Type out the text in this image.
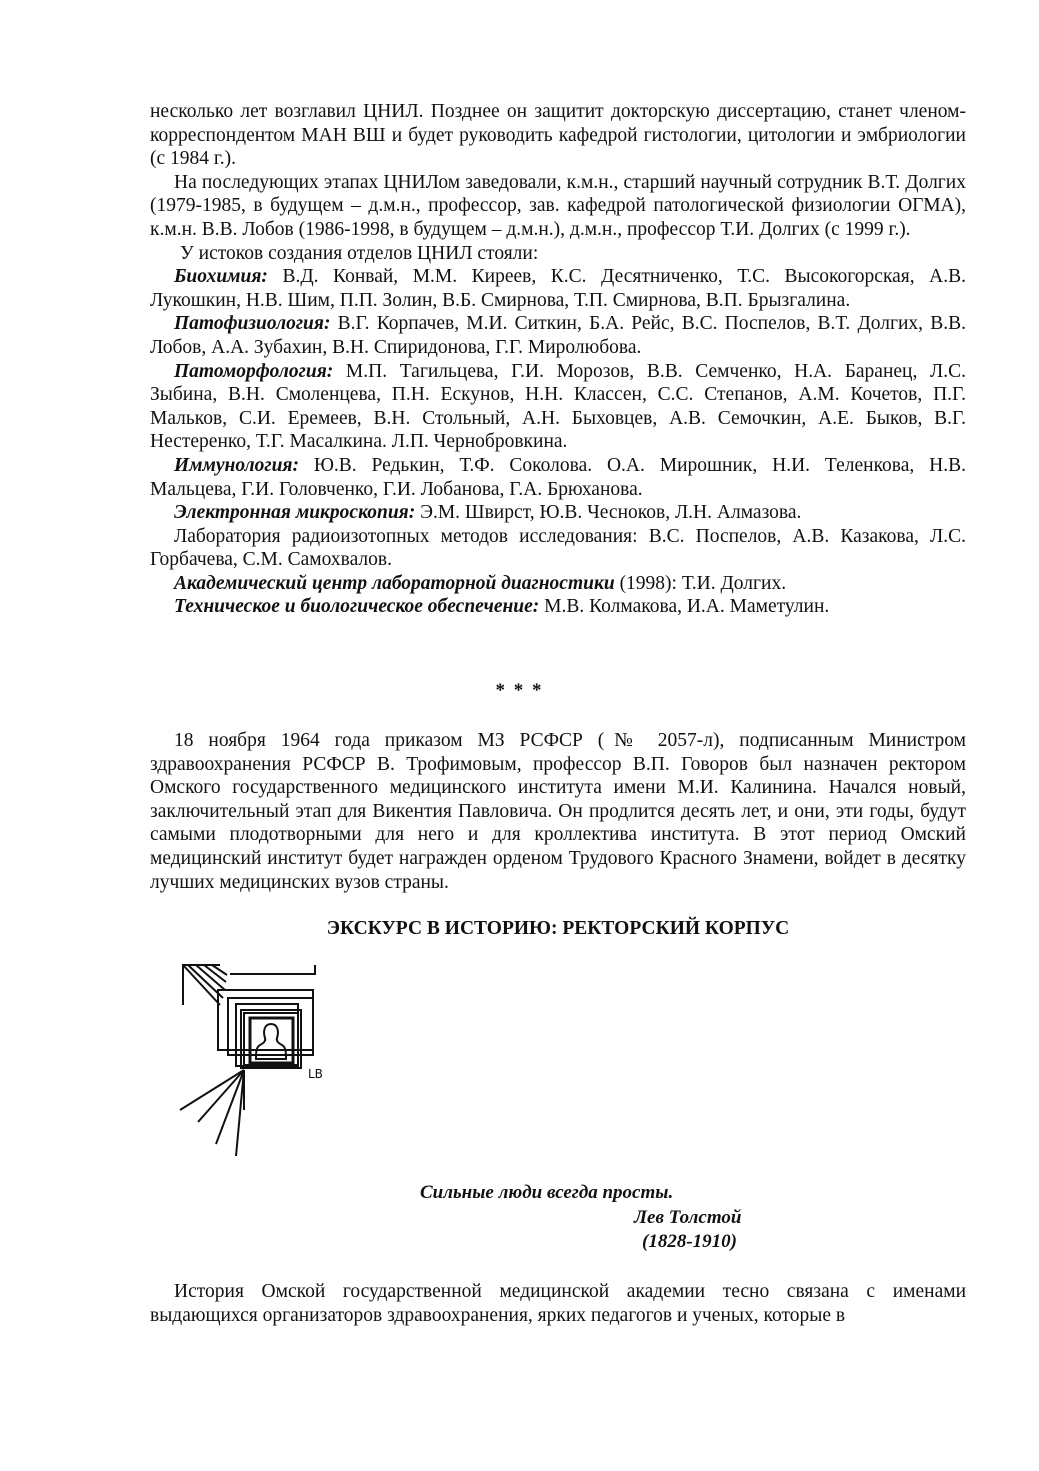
несколько лет возглавил ЦНИЛ. Позднее он защитит докторскую диссертацию, станет членом-корреспондентом МАН ВШ и будет руководить кафедрой гистологии, цитологии и эмбриологии (с 1984 г.).

На последующих этапах ЦНИЛом заведовали, к.м.н., старший научный сотрудник В.Т. Долгих (1979-1985, в будущем – д.м.н., профессор, зав. кафедрой патологической физиологии ОГМА), к.м.н. В.В. Лобов (1986-1998, в будущем – д.м.н.), д.м.н., профессор Т.И. Долгих (с 1999 г.).

У истоков создания отделов ЦНИЛ стояли:

Биохимия: В.Д. Конвай, М.М. Киреев, К.С. Десятниченко, Т.С. Высокогорская, А.В. Лукошкин, Н.В. Шим, П.П. Золин, В.Б. Смирнова, Т.П. Смирнова, В.П. Брызгалина.

Патофизиология: В.Г. Корпачев, М.И. Ситкин, Б.А. Рейс, В.С. Поспелов, В.Т. Долгих, В.В. Лобов, А.А. Зубахин, В.Н. Спиридонова, Г.Г. Миролюбова.

Патоморфология: М.П. Тагильцева, Г.И. Морозов, В.В. Семченко, Н.А. Баранец, Л.С. Зыбина, В.Н. Смоленцева, П.Н. Ескунов, Н.Н. Классен, С.С. Степанов, А.М. Кочетов, П.Г. Мальков, С.И. Еремеев, В.Н. Стольный, А.Н. Быховцев, А.В. Семочкин, А.Е. Быков, В.Г. Нестеренко, Т.Г. Масалкина. Л.П. Чернобровкина.

Иммунология: Ю.В. Редькин, Т.Ф. Соколова. О.А. Мирошник, Н.И. Теленкова, Н.В. Мальцева, Г.И. Головченко, Г.И. Лобанова, Г.А. Брюханова.

Электронная микроскопия: Э.М. Швирст, Ю.В. Чесноков, Л.Н. Алмазова.

Лаборатория радиоизотопных методов исследования: В.С. Поспелов, А.В. Казакова, Л.С. Горбачева, С.М. Самохвалов.

Академический центр лабораторной диагностики (1998): Т.И. Долгих.

Техническое и биологическое обеспечение: М.В. Колмакова, И.А. Маметулин.

* * *

18 ноября 1964 года приказом МЗ РСФСР (№ 2057-л), подписанным Министром здравоохранения РСФСР В. Трофимовым, профессор В.П. Говоров был назначен ректором Омского государственного медицинского института имени М.И. Калинина. Начался новый, заключительный этап для Викентия Павловича. Он продлится десять лет, и они, эти годы, будут самыми плодотворными для него и для кроллектива института. В этот период Омский медицинский институт будет награжден орденом Трудового Красного Знамени, войдет в десятку лучших медицинских вузов страны.

ЭКСКУРС В ИСТОРИЮ: РЕКТОРСКИЙ КОРПУС
LB
Сильные люди всегда просты.
Лев Толстой
(1828-1910)

История Омской государственной медицинской академии тесно связана с именами выдающихся организаторов здравоохранения, ярких педагогов и ученых, которые в
